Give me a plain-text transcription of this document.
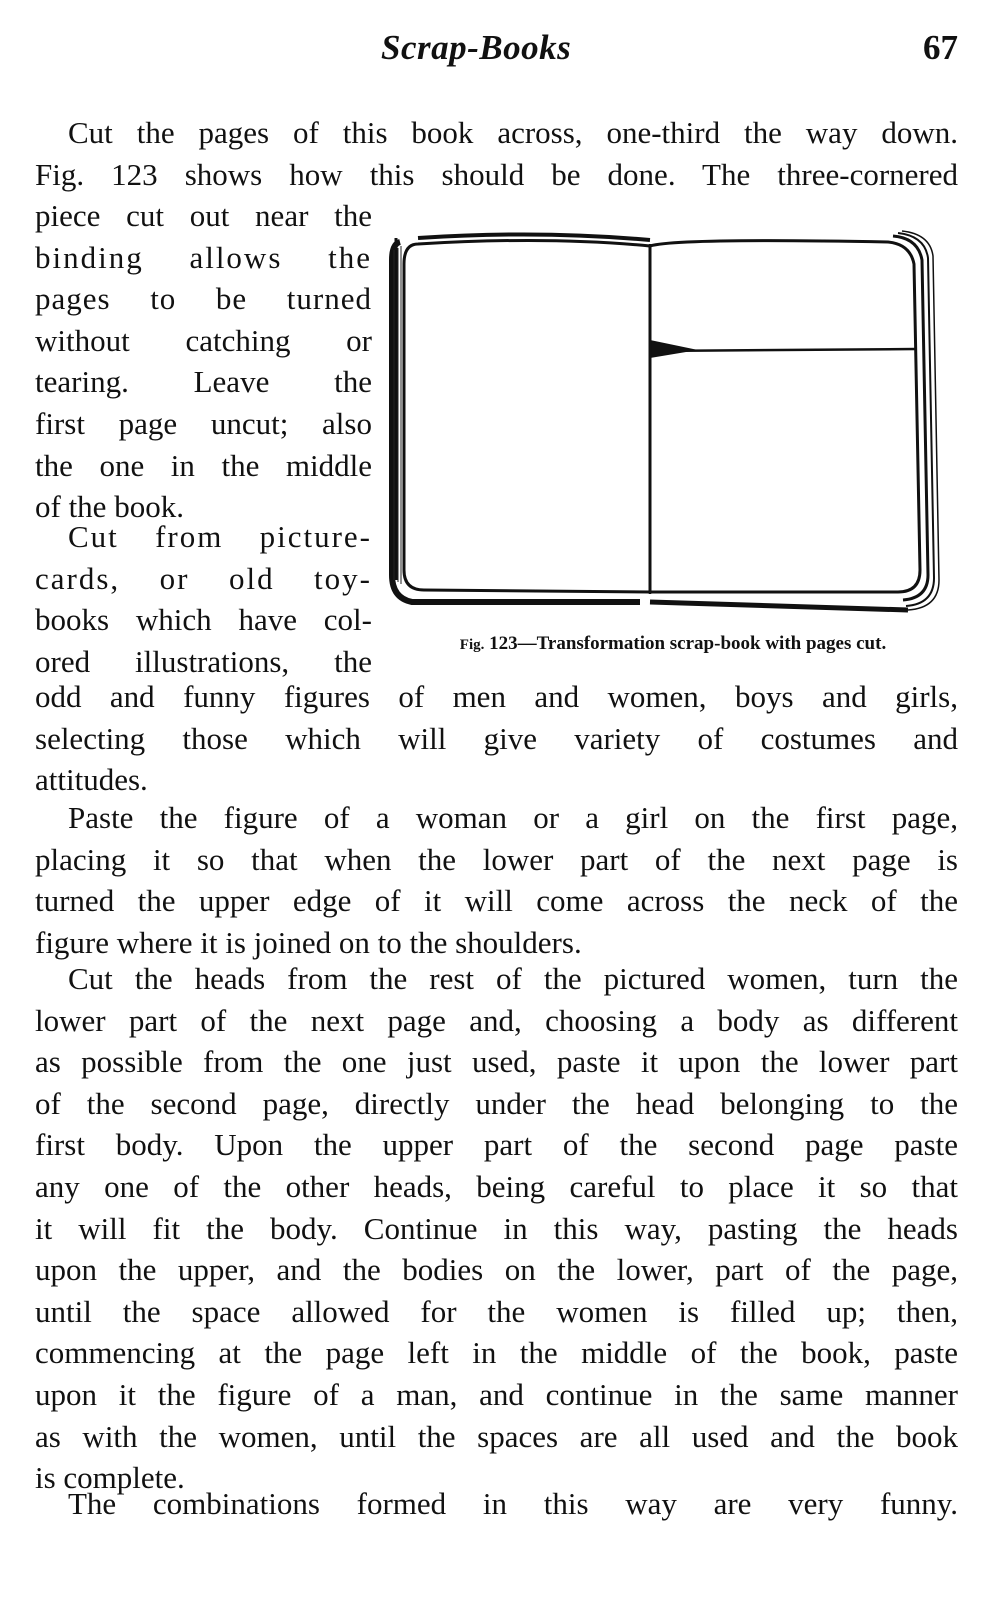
Scrap-Books	67
Cut the pages of this book across, one-third the way down.
Fig. 123 shows how this should be done. The three-cornered
piece cut out near the
binding allows the
pages to be turned
without catching or
tearing. Leave the
first page uncut; also
the one in the middle
of the book.
Cut from picture-
cards, or old toy-
books which have col-
ored illustrations, the
odd and funny figures of men and women, boys and girls,
selecting those which will give variety of costumes and
attitudes.
Paste the figure of a woman or a girl on the first page,
placing it so that when the lower part of the next page is
turned the upper edge of it will come across the neck of the
figure where it is joined on to the shoulders.
Cut the heads from the rest of the pictured women, turn the
lower part of the next page and, choosing a body as different
as possible from the one just used, paste it upon the lower part
of the second page, directly under the head belonging to the
first body. Upon the upper part of the second page paste
any one of the other heads, being careful to place it so that
it will fit the body. Continue in this way, pasting the heads
upon the upper, and the bodies on the lower, part of the page,
until the space allowed for the women is filled up; then,
commencing at the page left in the middle of the book, paste
upon it the figure of a man, and continue in the same manner
as with the women, until the spaces are all used and the book
is complete.
The combinations formed in this way are very funny.
Fig. 123—Transformation scrap-book with pages cut.
